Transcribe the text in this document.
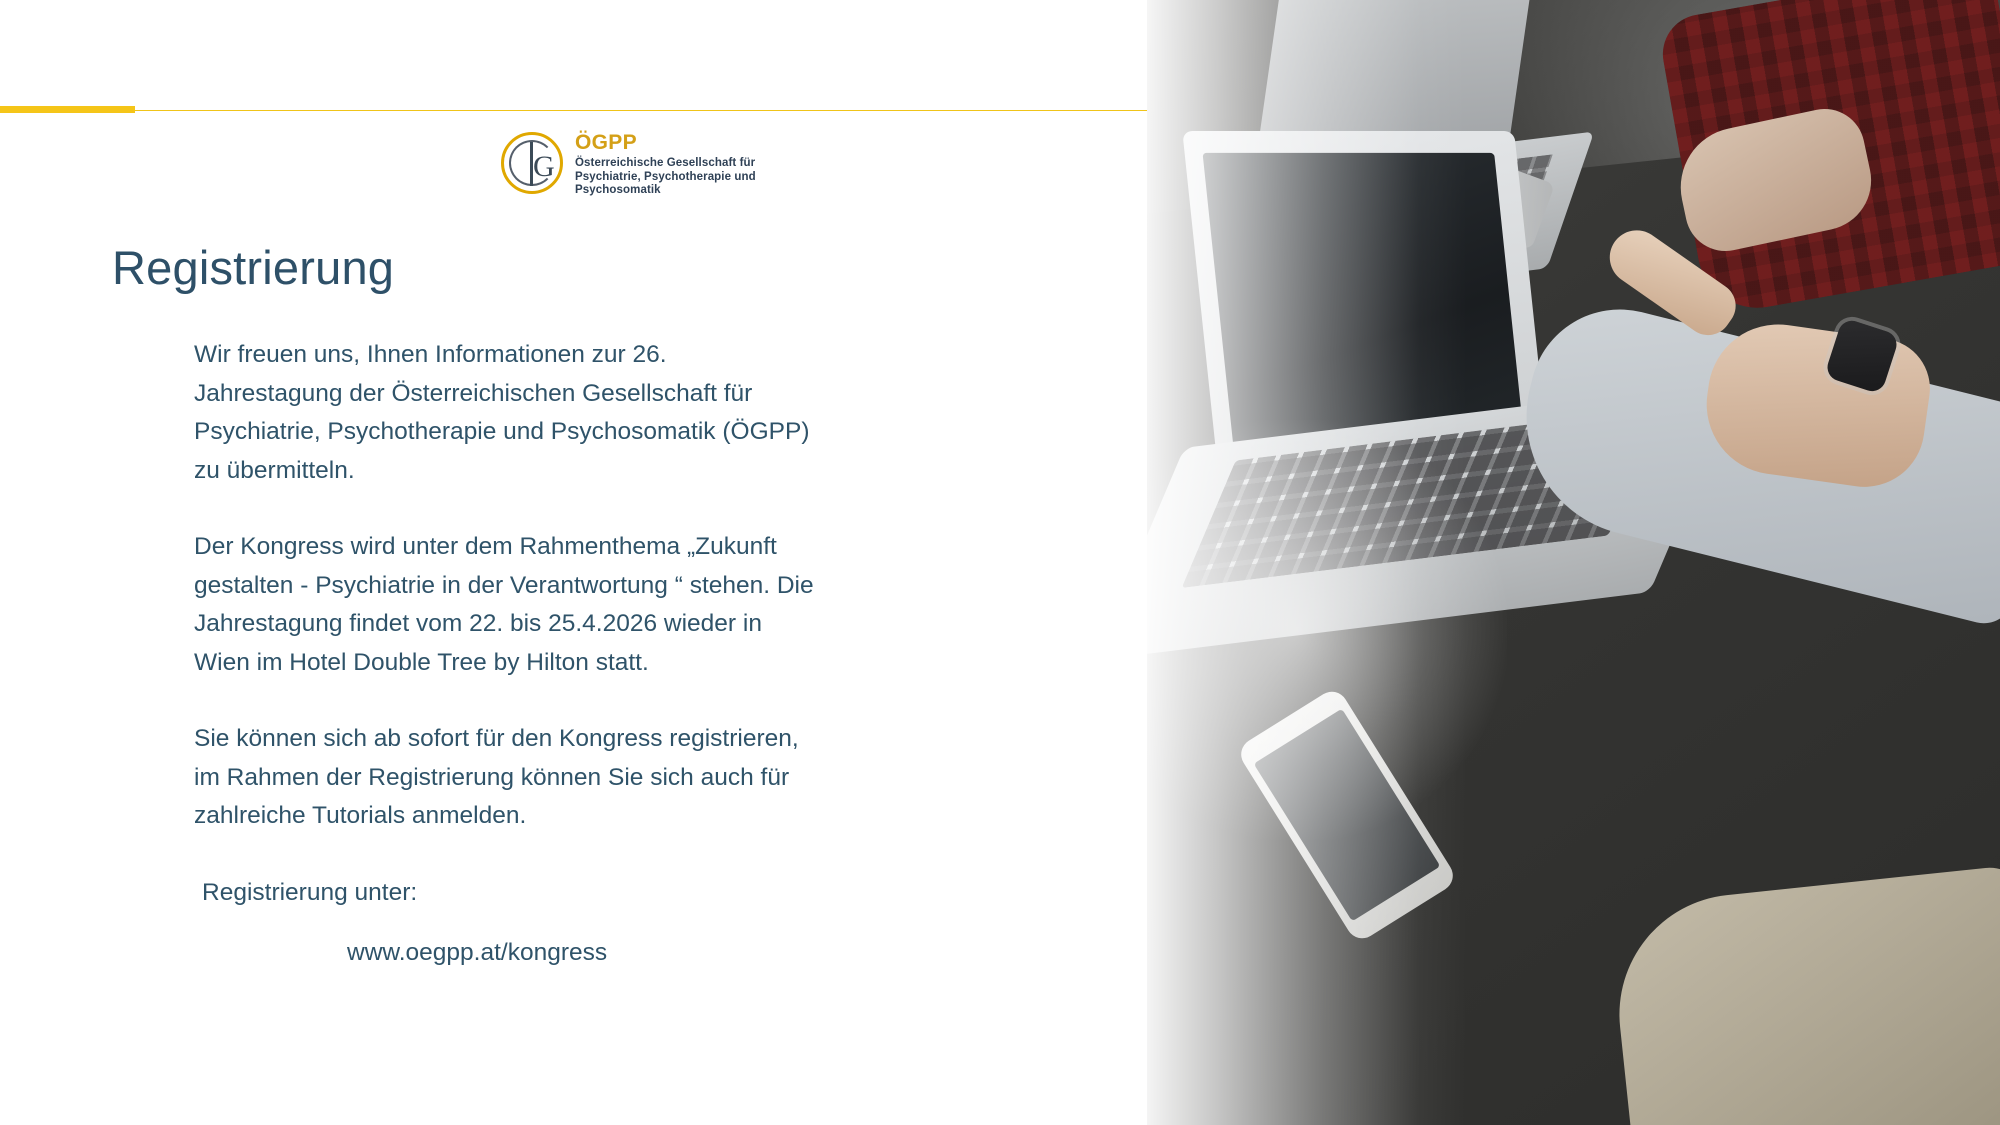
G
ÖGPP
Österreichische Gesellschaft für
Psychiatrie, Psychotherapie und Psychosomatik
Registrierung

Wir freuen uns, Ihnen Informationen zur 26. Jahrestagung der Österreichischen Gesellschaft für Psychiatrie, Psychotherapie und Psychosomatik (ÖGPP) zu übermitteln.

Der Kongress wird unter dem Rahmenthema „Zukunft gestalten - Psychiatrie in der Verantwortung “ stehen. Die Jahrestagung findet vom 22. bis 25.4.2026 wieder in Wien im Hotel Double Tree by Hilton statt.

Sie können sich ab sofort für den Kongress registrieren, im Rahmen der Registrierung können Sie sich auch für zahlreiche Tutorials anmelden.

Registrierung unter:

www.oegpp.at/kongress
